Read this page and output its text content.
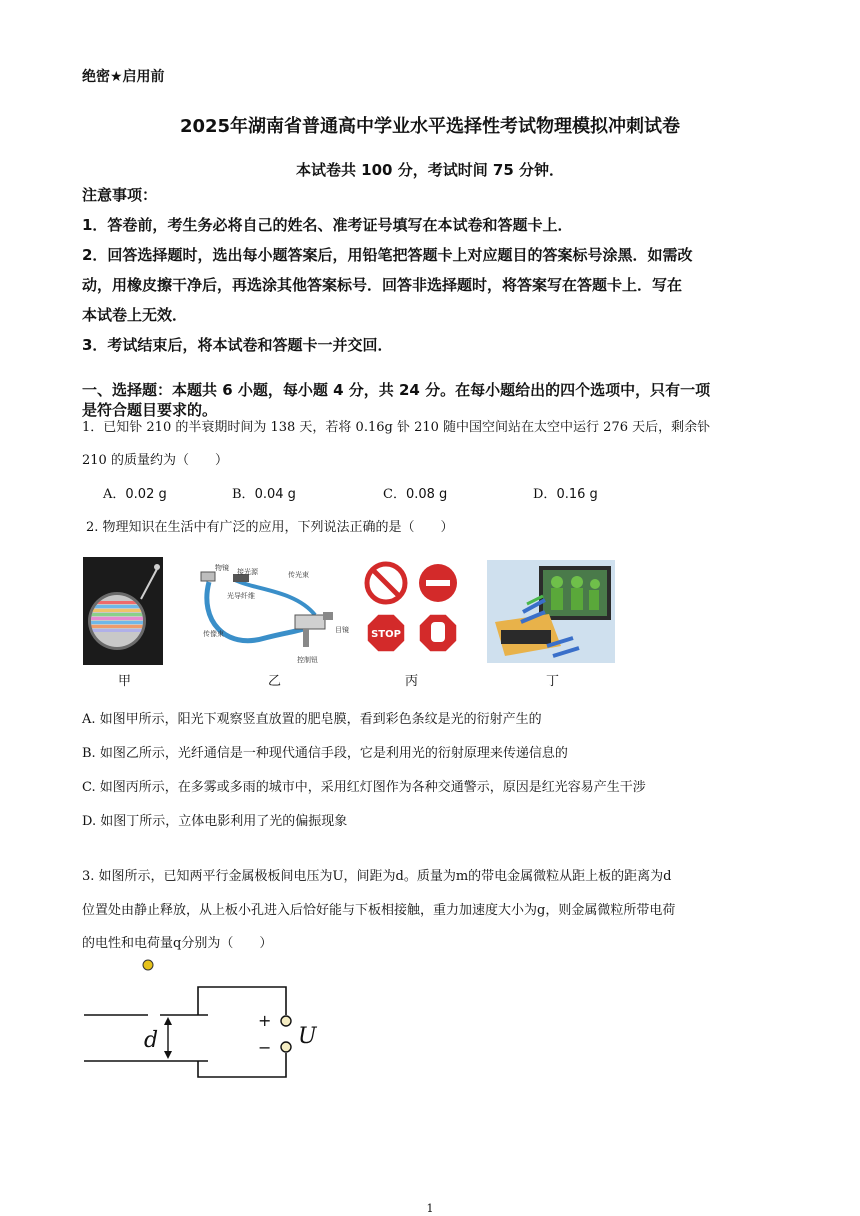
绝密★启用前
2025年湖南省普通高中学业水平选择性考试物理模拟冲刺试卷
本试卷共 100 分，考试时间 75 分钟．
注意事项：
1．答卷前，考生务必将自己的姓名、准考证号填写在本试卷和答题卡上．
2．回答选择题时，选出每小题答案后，用铅笔把答题卡上对应题目的答案标号涂黑．如需改
动，用橡皮擦干净后，再选涂其他答案标号．回答非选择题时，将答案写在答题卡上．写在
本试卷上无效．
3．考试结束后，将本试卷和答题卡一并交回．
一、选择题：本题共 6 小题，每小题 4 分，共 24 分。在每小题给出的四个选项中，只有一项
是符合题目要求的。
1．已知钋 210 的半衰期时间为 138 天，若将 0.16g 钋 210 随中国空间站在太空中运行 276 天后，剩余钋
210 的质量约为（　　）
A．0.02 g	B．0.04 g	C．0.08 g	D．0.16 g
2. 物理知识在生活中有广泛的应用，下列说法正确的是（　　）
物镜 接光源	传光束
光导纤维
传像束	目镜
控制钮
STOP
甲	乙	丙	丁
A. 如图甲所示，阳光下观察竖直放置的肥皂膜，看到彩色条纹是光的衍射产生的
B. 如图乙所示，光纤通信是一种现代通信手段，它是利用光的衍射原理来传递信息的
C. 如图丙所示，在多雾或多雨的城市中，采用红灯图作为各种交通警示，原因是红光容易产生干涉
D. 如图丁所示，立体电影利用了光的偏振现象
3. 如图所示，已知两平行金属极板间电压为U，间距为d。质量为m的带电金属微粒从距上板的距离为d
位置处由静止释放，从上板小孔进入后恰好能与下板相接触，重力加速度大小为g，则金属微粒所带电荷
的电性和电荷量q分别为（　　）
d
+
− U
1
